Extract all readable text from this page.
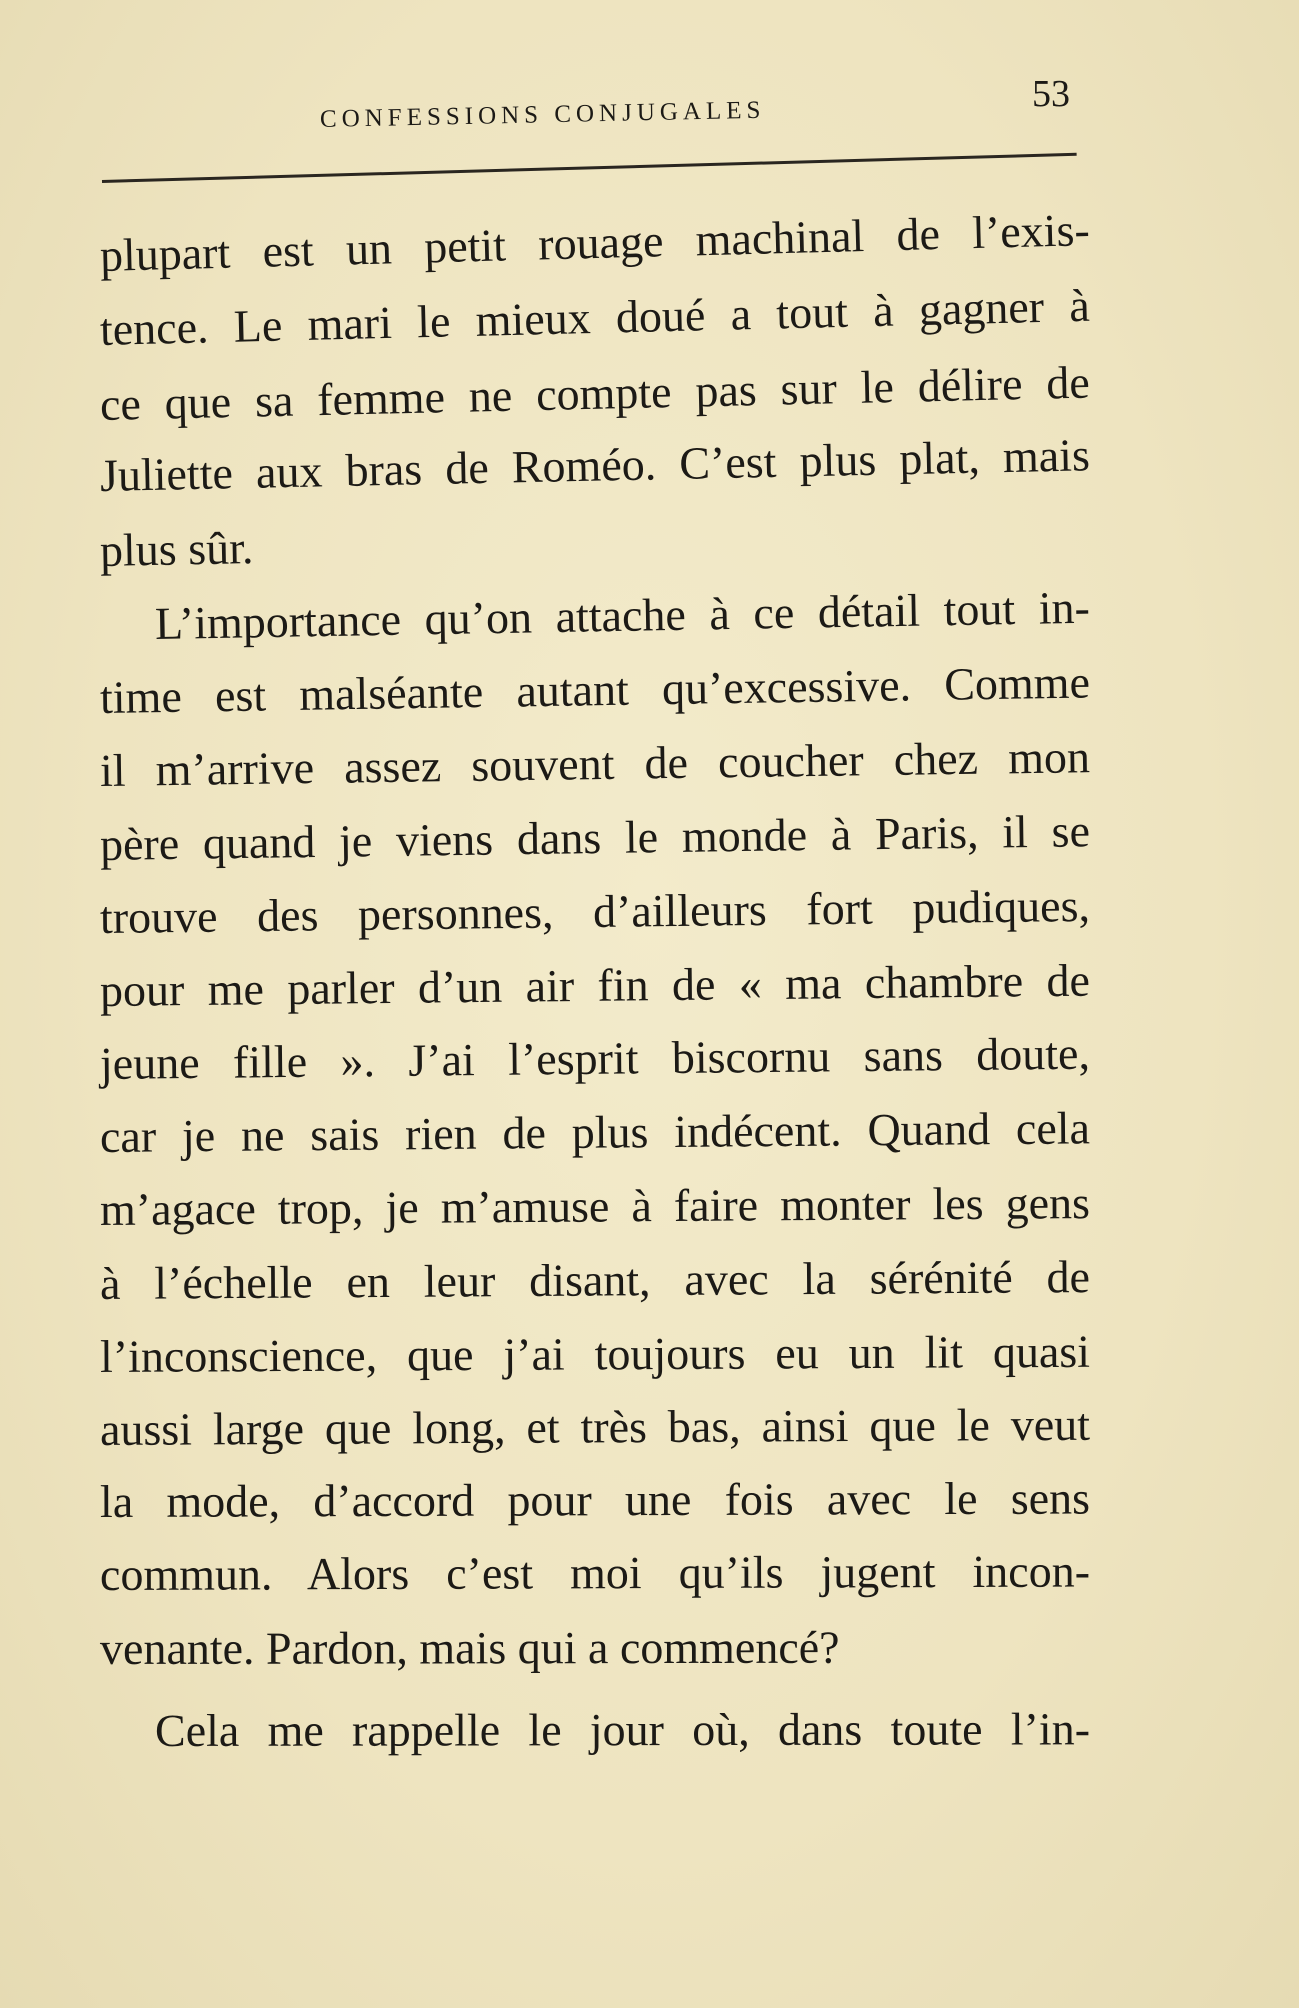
CONFESSIONS CONJUGALES	53
plupart est un petit rouage machinal de l’exis-
tence. Le mari le mieux doué a tout à gagner à
ce que sa femme ne compte pas sur le délire de
Juliette aux bras de Roméo. C’est plus plat, mais
plus sûr.
L’importance qu’on attache à ce détail tout in-
time est malséante autant qu’excessive. Comme
il m’arrive assez souvent de coucher chez mon
père quand je viens dans le monde à Paris, il se
trouve des personnes, d’ailleurs fort pudiques,
pour me parler d’un air fin de « ma chambre de
jeune fille ». J’ai l’esprit biscornu sans doute,
car je ne sais rien de plus indécent. Quand cela
m’agace trop, je m’amuse à faire monter les gens
à l’échelle en leur disant, avec la sérénité de
l’inconscience, que j’ai toujours eu un lit quasi
aussi large que long, et très bas, ainsi que le veut
la mode, d’accord pour une fois avec le sens
commun. Alors c’est moi qu’ils jugent incon-
venante. Pardon, mais qui a commencé?
Cela me rappelle le jour où, dans toute l’in-
